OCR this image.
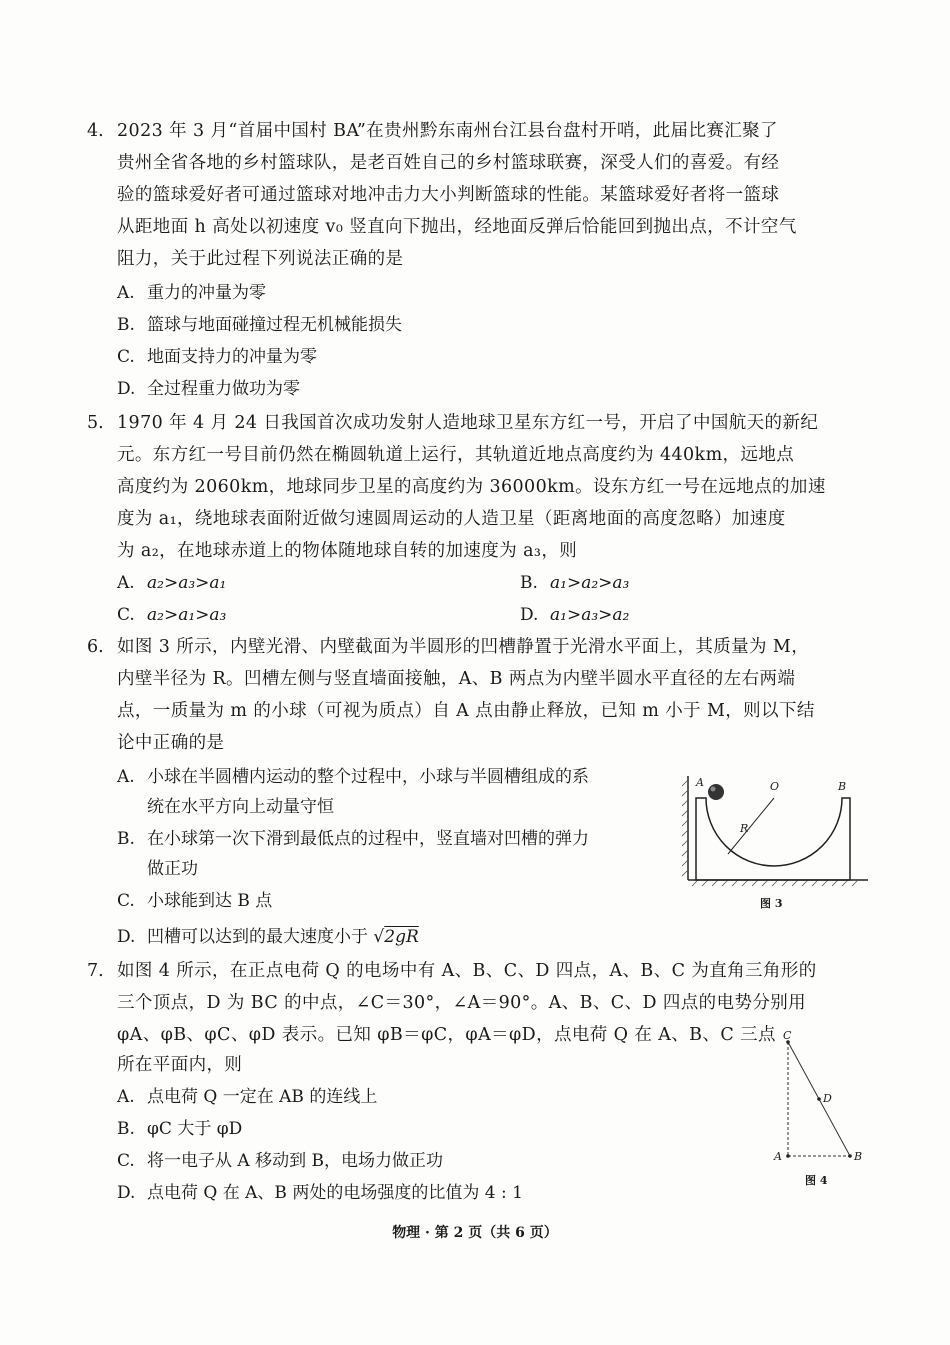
4. 2023 年 3 月“首届中国村 BA”在贵州黔东南州台江县台盘村开哨，此届比赛汇聚了
贵州全省各地的乡村篮球队，是老百姓自己的乡村篮球联赛，深受人们的喜爱。有经
验的篮球爱好者可通过篮球对地冲击力大小判断篮球的性能。某篮球爱好者将一篮球
从距地面 h 高处以初速度 v₀ 竖直向下抛出，经地面反弹后恰能回到抛出点，不计空气
阻力，关于此过程下列说法正确的是
A. 重力的冲量为零
B. 篮球与地面碰撞过程无机械能损失
C. 地面支持力的冲量为零
D. 全过程重力做功为零
5. 1970 年 4 月 24 日我国首次成功发射人造地球卫星东方红一号，开启了中国航天的新纪
元。东方红一号目前仍然在椭圆轨道上运行，其轨道近地点高度约为 440km，远地点
高度约为 2060km，地球同步卫星的高度约为 36000km。设东方红一号在远地点的加速
度为 a₁，绕地球表面附近做匀速圆周运动的人造卫星（距离地面的高度忽略）加速度
为 a₂，在地球赤道上的物体随地球自转的加速度为 a₃，则
A. a₂>a₃>a₁	B. a₁>a₂>a₃
C. a₂>a₁>a₃	D. a₁>a₃>a₂
6. 如图 3 所示，内壁光滑、内壁截面为半圆形的凹槽静置于光滑水平面上，其质量为 M，
内壁半径为 R。凹槽左侧与竖直墙面接触，A、B 两点为内壁半圆水平直径的左右两端
点，一质量为 m 的小球（可视为质点）自 A 点由静止释放，已知 m 小于 M，则以下结
论中正确的是
A. 小球在半圆槽内运动的整个过程中，小球与半圆槽组成的系
统在水平方向上动量守恒
B. 在小球第一次下滑到最低点的过程中，竖直墙对凹槽的弹力
做正功
C. 小球能到达 B 点
D. 凹槽可以达到的最大速度小于 √2gR
A	O
R
B
图 3
7. 如图 4 所示，在正点电荷 Q 的电场中有 A、B、C、D 四点，A、B、C 为直角三角形的
三个顶点，D 为 BC 的中点，∠C＝30°，∠A＝90°。A、B、C、D 四点的电势分别用
φA、φB、φC、φD 表示。已知 φB＝φC，φA＝φD，点电荷 Q 在 A、B、C 三点
所在平面内，则
A. 点电荷 Q 一定在 AB 的连线上
B. φC 大于 φD
C. 将一电子从 A 移动到 B，电场力做正功
D. 点电荷 Q 在 A、B 两处的电场强度的比值为 4 : 1
C
D
A	B
图 4
物理 · 第 2 页（共 6 页）
